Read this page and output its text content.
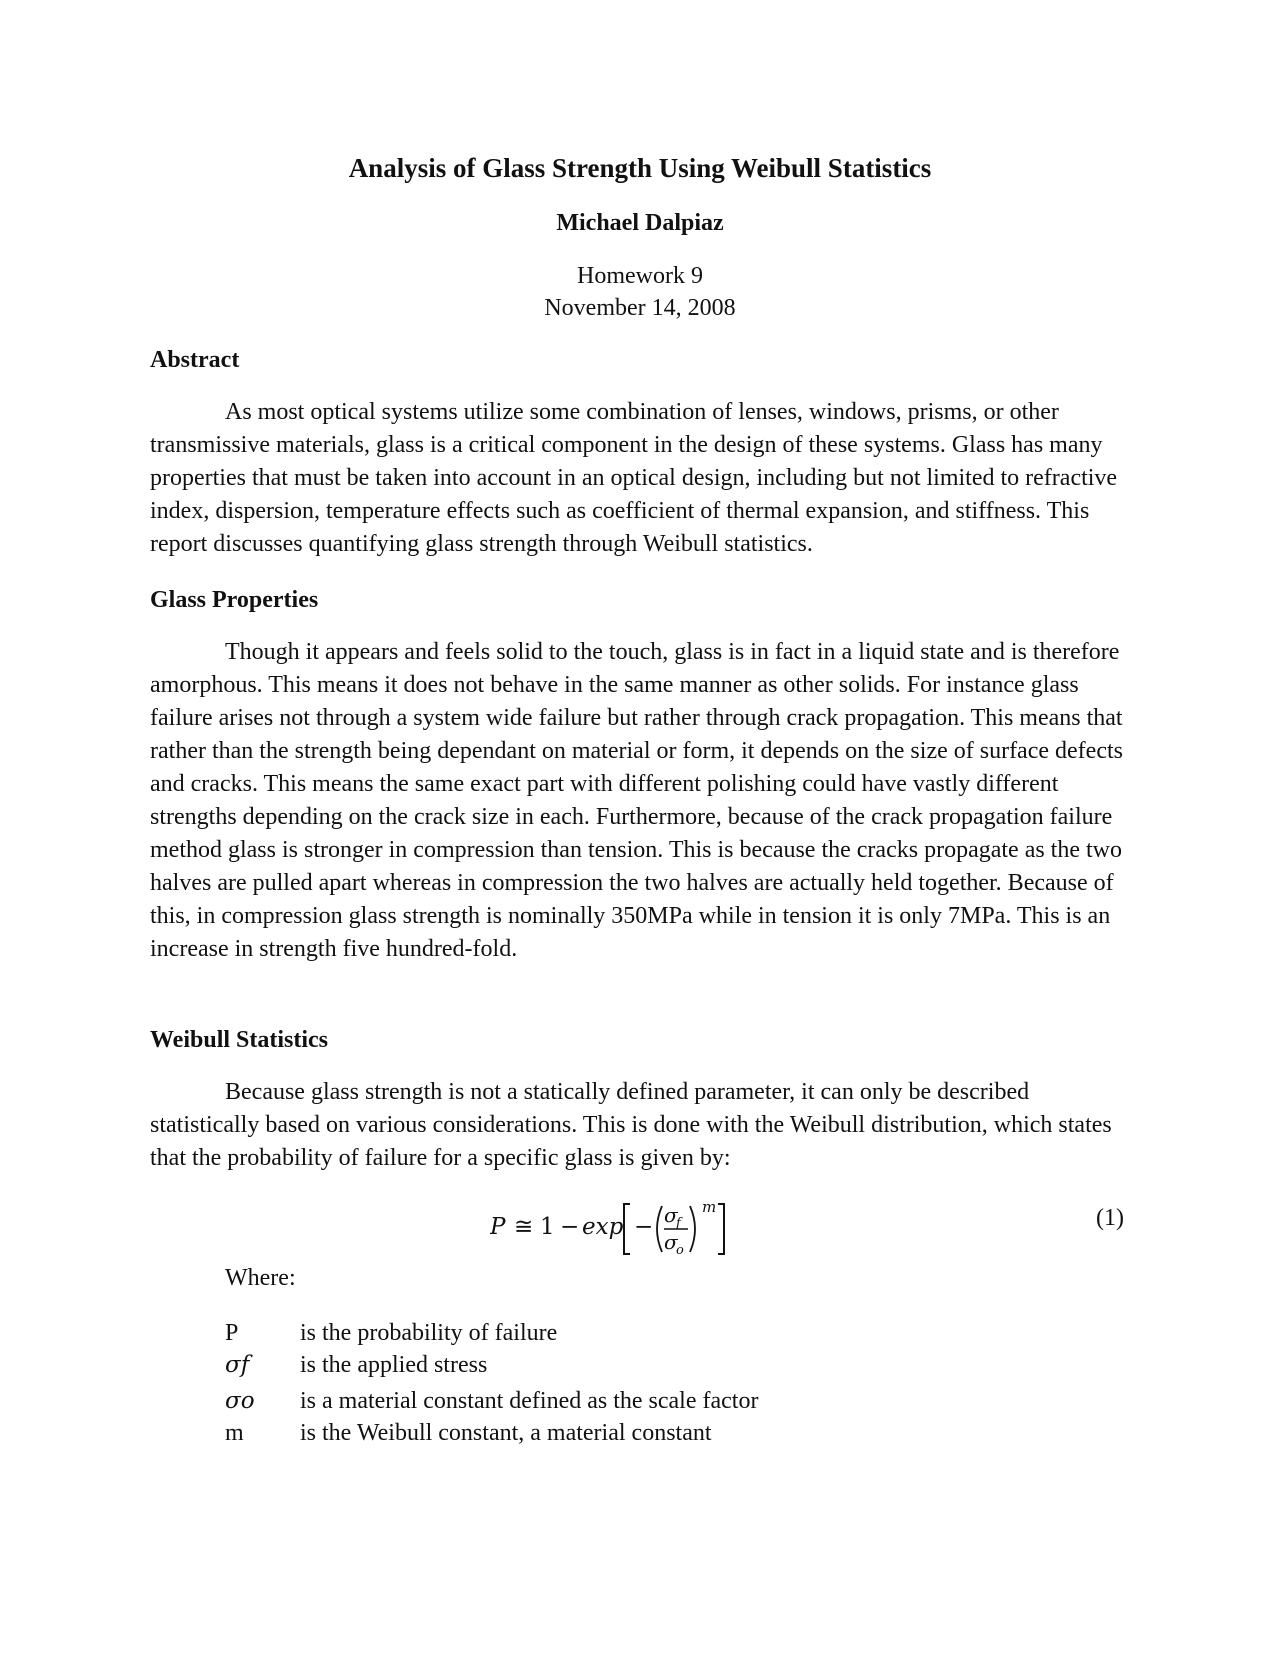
Analysis of Glass Strength Using Weibull Statistics
Michael Dalpiaz
Homework 9
November 14, 2008
Abstract

As most optical systems utilize some combination of lenses, windows, prisms, or other transmissive materials, glass is a critical component in the design of these systems. Glass has many properties that must be taken into account in an optical design, including but not limited to refractive index, dispersion, temperature effects such as coefficient of thermal expansion, and stiffness. This report discusses quantifying glass strength through Weibull statistics.

Glass Properties

Though it appears and feels solid to the touch, glass is in fact in a liquid state and is therefore amorphous. This means it does not behave in the same manner as other solids. For instance glass failure arises not through a system wide failure but rather through crack propagation. This means that rather than the strength being dependant on material or form, it depends on the size of surface defects and cracks. This means the same exact part with different polishing could have vastly different strengths depending on the crack size in each. Furthermore, because of the crack propagation failure method glass is stronger in compression than tension. This is because the cracks propagate as the two halves are pulled apart whereas in compression the two halves are actually held together. Because of this, in compression glass strength is nominally 350MPa while in tension it is only 7MPa. This is an increase in strength five hundred-fold.

Weibull Statistics

Because glass strength is not a statically defined parameter, it can only be described statistically based on various considerations. This is done with the Weibull distribution, which states that the probability of failure for a specific glass is given by:

P ≅ 1 − exp − σ
f
σ
o
m	(1)
Where:
P	is the probability of failure
σf is the applied stress
σo is a material constant defined as the scale factor
m is the Weibull constant, a material constant
